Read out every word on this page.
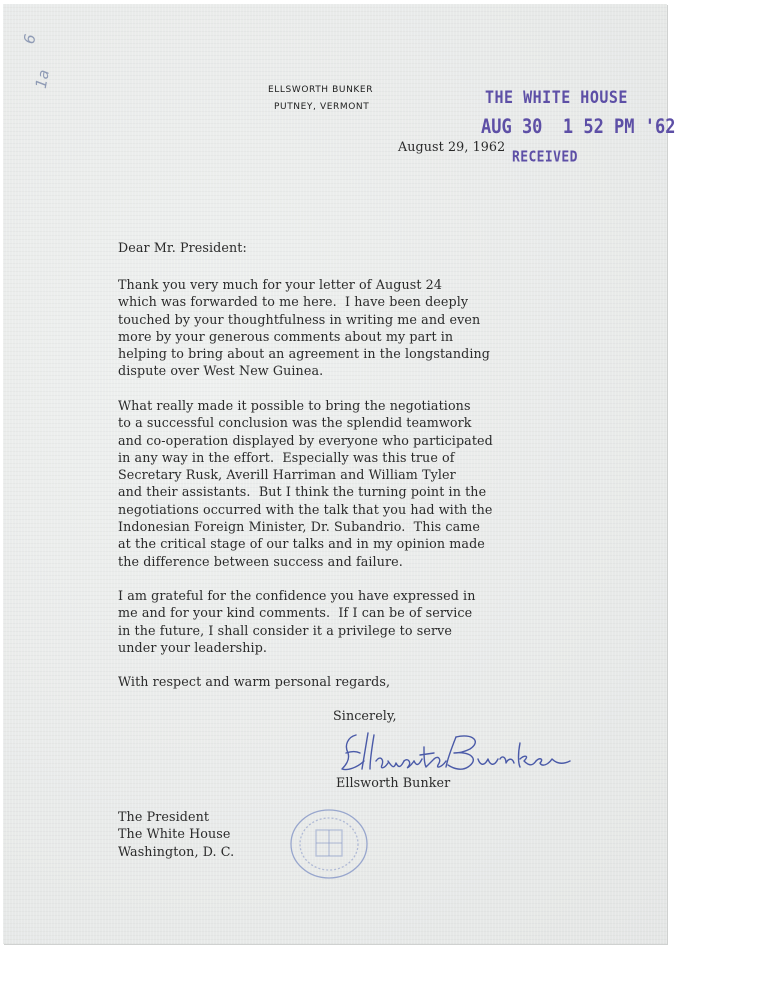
6
1a
ELLSWORTH BUNKER
PUTNEY, VERMONT	THE WHITE HOUSE
AUG 30  1 52 PM '62
RECEIVED
August 29, 1962
Dear Mr. President:
Thank you very much for your letter of August 24
which was forwarded to me here.  I have been deeply
touched by your thoughtfulness in writing me and even
more by your generous comments about my part in
helping to bring about an agreement in the longstanding
dispute over West New Guinea.
What really made it possible to bring the negotiations
to a successful conclusion was the splendid teamwork
and co-operation displayed by everyone who participated
in any way in the effort.  Especially was this true of
Secretary Rusk, Averill Harriman and William Tyler
and their assistants.  But I think the turning point in the
negotiations occurred with the talk that you had with the
Indonesian Foreign Minister, Dr. Subandrio.  This came
at the critical stage of our talks and in my opinion made
the difference between success and failure.
I am grateful for the confidence you have expressed in
me and for your kind comments.  If I can be of service
in the future, I shall consider it a privilege to serve
under your leadership.
With respect and warm personal regards,
Sincerely,
Ellsworth Bunker
The President
The White House
Washington, D. C.
